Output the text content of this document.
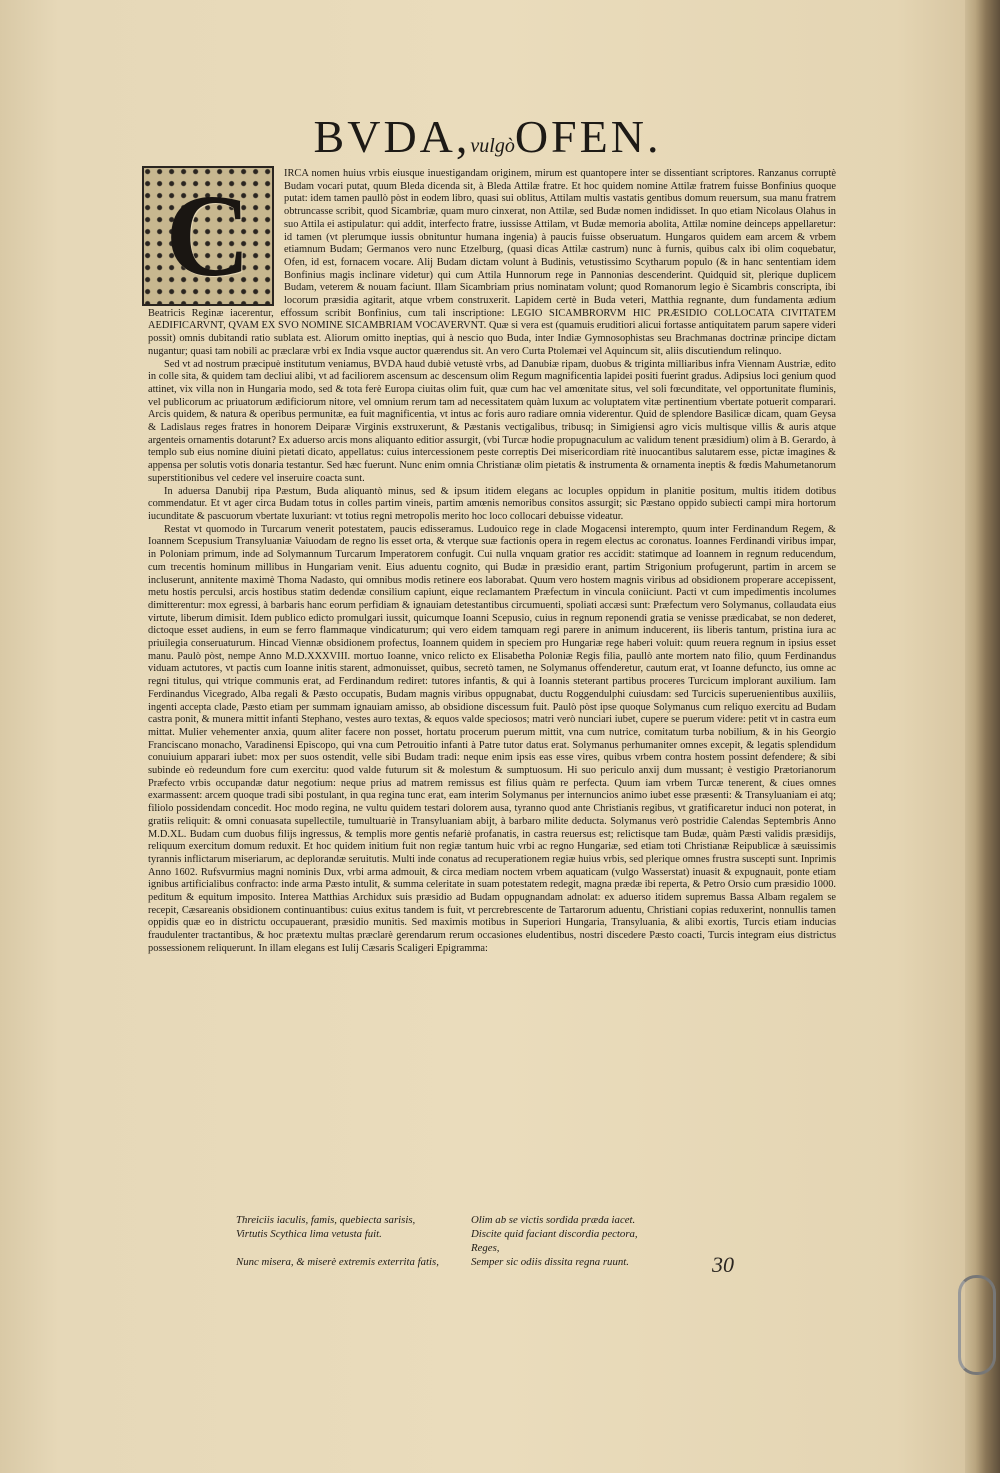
BVDA,vulgòOFEN.
C	IRCA nomen huius vrbis eiusque inuestigandam originem, mirum est quantopere inter se dissentiant scriptores. Ranzanus corruptè Budam vocari putat, quum Bleda dicenda sit, à Bleda Attilæ fratre. Et hoc quidem nomine Attilæ fratrem fuisse Bonfinius quoque putat: idem tamen paullò pòst in eodem libro, quasi sui oblitus, Attilam multis vastatis gentibus domum reuersum, sua manu fratrem obtruncasse scribit, quod Sicambriæ, quam muro cinxerat, non Attilæ, sed Budæ nomen indidisset. In quo etiam Nicolaus Olahus in suo Attila ei astipulatur: qui addit, interfecto fratre, iussisse Attilam, vt Budæ memoria abolita, Attilæ nomine deinceps appellaretur: id tamen (vt plerumque iussis obnituntur humana ingenia) à paucis fuisse obseruatum. Hungaros quidem eam arcem & vrbem etiamnum Budam; Germanos vero nunc Etzelburg, (quasi dicas Attilæ castrum) nunc à furnis, quibus calx ibi olim coquebatur, Ofen, id est, fornacem vocare. Alij Budam dictam volunt à Budinis, vetustissimo Scytharum populo (& in hanc sententiam idem Bonfinius magis inclinare videtur) qui cum Attila Hunnorum rege in Pannonias descenderint. Quidquid sit, plerique duplicem Budam, veterem & nouam faciunt. Illam Sicambriam prius nominatam volunt; quod Romanorum legio è Sicambris conscripta, ibi locorum præsidia agitarit, atque vrbem construxerit. Lapidem certè in Buda veteri, Matthia regnante, dum fundamenta ædium Beatricis Reginæ iacerentur, effossum scribit Bonfinius, cum tali inscriptione: LEGIO SICAMBRORVM HIC PRÆSIDIO COLLOCATA CIVITATEM AEDIFICARVNT, QVAM EX SVO NOMINE SICAMBRIAM VOCAVERVNT. Quæ si vera est (quamuis eruditiori alicui fortasse antiquitatem parum sapere videri possit) omnis dubitandi ratio sublata est. Aliorum omitto ineptias, qui à nescio quo Buda, inter Indiæ Gymnosophistas seu Brachmanas doctrinæ principe dictam nugantur; quasi tam nobili ac præclaræ vrbi ex India vsque auctor quærendus sit. An vero Curta Ptolemæi vel Aquincum sit, aliis discutiendum relinquo.

Sed vt ad nostrum præcipuè institutum veniamus, BVDA haud dubiè vetustè vrbs, ad Danubiæ ripam, duobus & triginta milliaribus infra Viennam Austriæ, edito in colle sita, & quidem tam decliui alibi, vt ad faciliorem ascensum ac descensum olim Regum magnificentia lapidei positi fuerint gradus. Adipsius loci genium quod attinet, vix villa non in Hungaria modo, sed & tota ferè Europa ciuitas olim fuit, quæ cum hac vel amœnitate situs, vel soli fœcunditate, vel opportunitate fluminis, vel publicorum ac priuatorum ædificiorum nitore, vel omnium rerum tam ad necessitatem quàm luxum ac voluptatem vitæ pertinentium vbertate potuerit comparari. Arcis quidem, & natura & operibus permunitæ, ea fuit magnificentia, vt intus ac foris auro radiare omnia viderentur. Quid de splendore Basilicæ dicam, quam Geysa & Ladislaus reges fratres in honorem Deiparæ Virginis exstruxerunt, & Pæstanis vectigalibus, tribusq; in Simigiensi agro vicis multisque villis & auris atque argenteis ornamentis dotarunt? Ex aduerso arcis mons aliquanto editior assurgit, (vbi Turcæ hodie propugnaculum ac validum tenent præsidium) olim à B. Gerardo, à templo sub eius nomine diuini pietati dicato, appellatus: cuius intercessionem peste correptis Dei misericordiam ritè inuocantibus salutarem esse, pictæ imagines & appensa per solutis votis donaria testantur. Sed hæc fuerunt. Nunc enim omnia Christianæ olim pietatis & instrumenta & ornamenta ineptis & fœdis Mahumetanorum superstitionibus vel cedere vel inseruire coacta sunt.

In aduersa Danubij ripa Pæstum, Buda aliquantò minus, sed & ipsum itidem elegans ac locuples oppidum in planitie positum, multis itidem dotibus commendatur. Et vt ager circa Budam totus in colles partim vineis, partim amœnis nemoribus consitos assurgit; sic Pæstano oppido subiecti campi mira hortorum iucunditate & pascuorum vbertate luxuriant: vt totius regni metropolis merito hoc loco collocari debuisse videatur.

Restat vt quomodo in Turcarum venerit potestatem, paucis edisseramus. Ludouico rege in clade Mogacensi interempto, quum inter Ferdinandum Regem, & Ioannem Scepusium Transyluaniæ Vaiuodam de regno lis esset orta, & vterque suæ factionis opera in regem electus ac coronatus. Ioannes Ferdinandi viribus impar, in Poloniam primum, inde ad Solymannum Turcarum Imperatorem confugit. Cui nulla vnquam gratior res accidit: statimque ad Ioannem in regnum reducendum, cum trecentis hominum millibus in Hungariam venit. Eius aduentu cognito, qui Budæ in præsidio erant, partim Strigonium profugerunt, partim in arcem se incluserunt, annitente maximè Thoma Nadasto, qui omnibus modis retinere eos laborabat. Quum vero hostem magnis viribus ad obsidionem properare accepissent, metu hostis perculsi, arcis hostibus statim dedendæ consilium capiunt, eique reclamantem Præfectum in vincula coniiciunt. Pacti vt cum impedimentis incolumes dimitterentur: mox egressi, à barbaris hanc eorum perfidiam & ignauiam detestantibus circumuenti, spoliati accæsi sunt: Præfectum vero Solymanus, collaudata eius virtute, liberum dimisit. Idem publico edicto promulgari iussit, quicumque Ioanni Scepusio, cuius in regnum reponendi gratia se venisse prædicabat, se non dederet, dictoque esset audiens, in eum se ferro flammaque vindicaturum; qui vero eidem tamquam regi parere in animum inducerent, iis liberis tantum, pristina iura ac priuilegia conseruaturum. Hincad Viennæ obsidionem profectus, Ioannem quidem in speciem pro Hungariæ rege haberi voluit: quum reuera regnum in ipsius esset manu. Paulò pòst, nempe Anno M.D.XXXVIII. mortuo Ioanne, vnico relicto ex Elisabetha Poloniæ Regis filia, paullò ante mortem nato filio, quum Ferdinandus viduam actutores, vt pactis cum Ioanne initis starent, admonuisset, quibus, secretò tamen, ne Solymanus offenderetur, cautum erat, vt Ioanne defuncto, ius omne ac regni titulus, qui vtrique communis erat, ad Ferdinandum rediret: tutores infantis, & qui à Ioannis steterant partibus proceres Turcicum implorant auxilium. Iam Ferdinandus Vicegrado, Alba regali & Pæsto occupatis, Budam magnis viribus oppugnabat, ductu Roggendulphi cuiusdam: sed Turcicis superuenientibus auxiliis, ingenti accepta clade, Pæsto etiam per summam ignauiam amisso, ab obsidione discessum fuit. Paulò pòst ipse quoque Solymanus cum reliquo exercitu ad Budam castra ponit, & munera mittit infanti Stephano, vestes auro textas, & equos valde speciosos; matri verò nunciari iubet, cupere se puerum videre: petit vt in castra eum mittat. Mulier vehementer anxia, quum aliter facere non posset, hortatu procerum puerum mittit, vna cum nutrice, comitatum turba nobilium, & in his Georgio Franciscano monacho, Varadinensi Episcopo, qui vna cum Petrouitio infanti à Patre tutor datus erat. Solymanus perhumaniter omnes excepit, & legatis splendidum conuiuium apparari iubet: mox per suos ostendit, velle sibi Budam tradi: neque enim ipsis eas esse vires, quibus vrbem contra hostem possint defendere; & sibi subinde eò redeundum fore cum exercitu: quod valde futurum sit & molestum & sumptuosum. Hi suo periculo anxij dum mussant; è vestigio Prætorianorum Præfecto vrbis occupandæ datur negotium: neque prius ad matrem remissus est filius quàm re perfecta. Quum iam vrbem Turcæ tenerent, & ciues omnes exarmassent: arcem quoque tradi sibi postulant, in qua regina tunc erat, eam interim Solymanus per internuncios animo iubet esse præsenti: & Transyluaniam ei atq; filiolo possidendam concedit. Hoc modo regina, ne vultu quidem testari dolorem ausa, tyranno quod ante Christianis regibus, vt gratificaretur induci non poterat, in gratiis reliquit: & omni conuasata supellectile, tumultuariè in Transyluaniam abijt, à barbaro milite deducta. Solymanus verò postridie Calendas Septembris Anno M.D.XL. Budam cum duobus filijs ingressus, & templis more gentis nefariè profanatis, in castra reuersus est; relictisque tam Budæ, quàm Pæsti validis præsidijs, reliquum exercitum domum reduxit. Et hoc quidem initium fuit non regiæ tantum huic vrbi ac regno Hungariæ, sed etiam toti Christianæ Reipublicæ à sæuissimis tyrannis inflictarum miseriarum, ac deplorandæ seruitutis. Multi inde conatus ad recuperationem regiæ huius vrbis, sed plerique omnes frustra suscepti sunt. Inprimis Anno 1602. Rufsvurmius magni nominis Dux, vrbi arma admouit, & circa mediam noctem vrbem aquaticam (vulgo Wasserstat) inuasit & expugnauit, ponte etiam ignibus artificialibus confracto: inde arma Pæsto intulit, & summa celeritate in suam potestatem redegit, magna prædæ ibi reperta, & Petro Orsio cum præsidio 1000. peditum & equitum imposito. Interea Matthias Archidux suis præsidio ad Budam oppugnandam adnolat: ex aduerso itidem supremus Bassa Albam regalem se recepit, Cæsareanis obsidionem continuantibus: cuius exitus tandem is fuit, vt percrebrescente de Tartarorum aduentu, Christiani copias reduxerint, nonnullis tamen oppidis quæ eo in districtu occupauerant, præsidio munitis. Sed maximis motibus in Superiori Hungaria, Transyluania, & alibi exortis, Turcis etiam inducias fraudulenter tractantibus, & hoc prætextu multas præclarè gerendarum rerum occasiones eludentibus, nostri discedere Pæsto coacti, Turcis integram eius districtus possessionem reliquerunt. In illam elegans est Iulij Cæsaris Scaligeri Epigramma:

Threiciis iaculis, famis, quebiecta sarisis,	Olim ab se victis sordida præda iacet.
Virtutis Scythica lima vetusta fuit.	Discite quid faciant discordia pectora, Reges,
Nunc misera, & miserè extremis exterrita fatis,	Semper sic odiis dissita regna ruunt.	30
